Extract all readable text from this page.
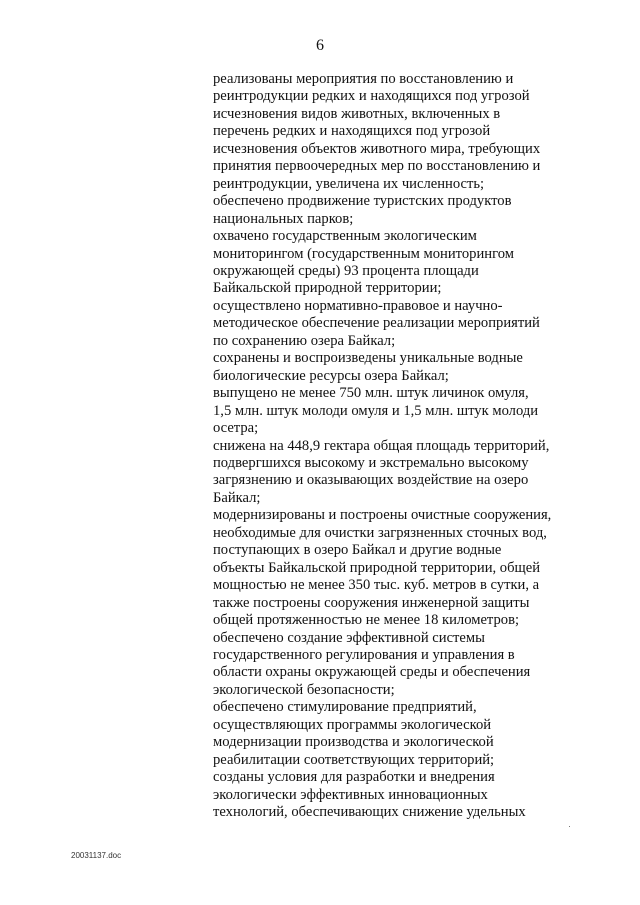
6
реализованы мероприятия по восстановлению и
реинтродукции редких и находящихся под угрозой
исчезновения видов животных, включенных в
перечень редких и находящихся под угрозой
исчезновения объектов животного мира, требующих
принятия первоочередных мер по восстановлению и
реинтродукции, увеличена их численность;
обеспечено продвижение туристских продуктов
национальных парков;
охвачено государственным экологическим
мониторингом (государственным мониторингом
окружающей среды) 93 процента площади
Байкальской природной территории;
осуществлено нормативно-правовое и научно-
методическое обеспечение реализации мероприятий
по сохранению озера Байкал;
сохранены и воспроизведены уникальные водные
биологические ресурсы озера Байкал;
выпущено не менее 750 млн. штук личинок омуля,
1,5 млн. штук молоди омуля и 1,5 млн. штук молоди
осетра;
снижена на 448,9 гектара общая площадь территорий,
подвергшихся высокому и экстремально высокому
загрязнению и оказывающих воздействие на озеро
Байкал;
модернизированы и построены очистные сооружения,
необходимые для очистки загрязненных сточных вод,
поступающих в озеро Байкал и другие водные
объекты Байкальской природной территории, общей
мощностью не менее 350 тыс. куб. метров в сутки, а
также построены сооружения инженерной защиты
общей протяженностью не менее 18 километров;
обеспечено создание эффективной системы
государственного регулирования и управления в
области охраны окружающей среды и обеспечения
экологической безопасности;
обеспечено стимулирование предприятий,
осуществляющих программы экологической
модернизации производства и экологической
реабилитации соответствующих территорий;
созданы условия для разработки и внедрения
экологически эффективных инновационных
технологий, обеспечивающих снижение удельных
20031137.doc
